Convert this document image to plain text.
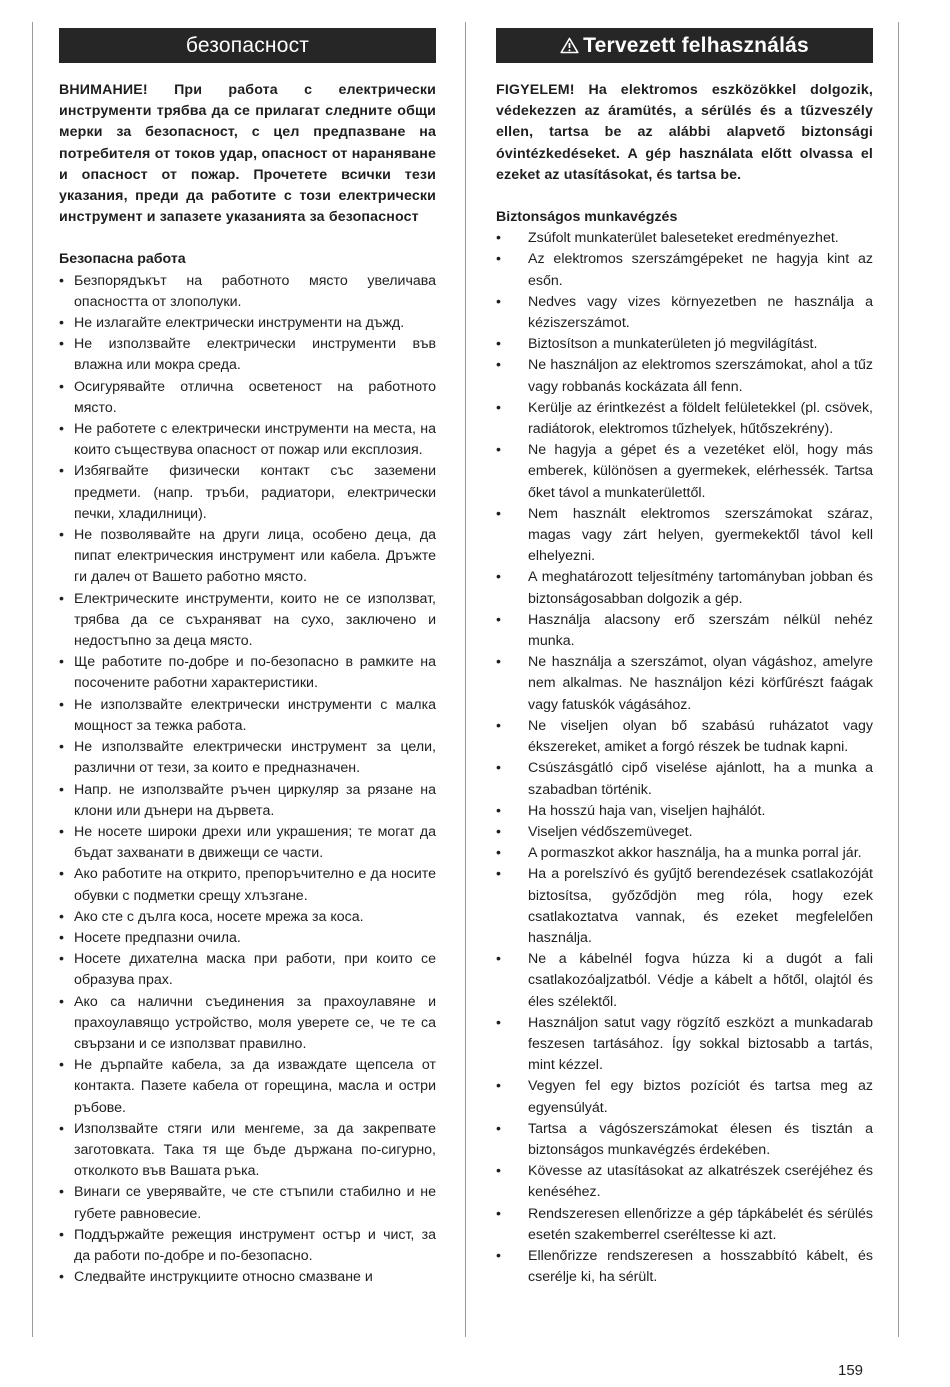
безопасност
ВНИМАНИЕ! При работа с електрически инструменти трябва да се прилагат следните общи мерки за безопасност, с цел предпазване на потребителя от токов удар, опасност от нараняване и опасност от пожар. Прочетете всички тези указания, преди да работите с този електрически инструмент и запазете указанията за безопасност
Безопасна работа
• Безпорядъкът на работното място увеличава опасността от злополуки.
• Не излагайте електрически инструменти на дъжд.
• Не използвайте електрически инструменти във влажна или мокра среда.
• Осигурявайте отлична осветеност на работното място.
• Не работете с електрически инструменти на места, на които съществува опасност от пожар или експлозия.
• Избягвайте физически контакт със заземени предмети. (напр. тръби, радиатори, електрически печки, хладилници).
• Не позволявайте на други лица, особено деца, да пипат електрическия инструмент или кабела. Дръжте ги далеч от Вашето работно място.
• Електрическите инструменти, които не се използват, трябва да се съхраняват на сухо, заключено и недостъпно за деца място.
• Ще работите по-добре и по-безопасно в рамките на посочените работни характеристики.
• Не използвайте електрически инструменти с малка мощност за тежка работа.
• Не използвайте електрически инструмент за цели, различни от тези, за които е предназначен.
• Напр. не използвайте ръчен циркуляр за рязане на клони или дънери на дърветa.
• Не носете широки дрехи или украшения; те могат да бъдат захванати в движещи се части.
• Ако работите на открито, препоръчително е да носите обувки с подметки срещу хлъзгане.
• Ако сте с дълга коса, носете мрежа за коса.
• Носете предпазни очила.
• Носете дихателна маска при работи, при които се образува прах.
• Ако са налични съединения за прахоулавяне и прахоулавящо устройство, моля уверете се, че те са свързани и се използват правилно.
• Не дърпайте кабела, за да изваждате щепсела от контакта. Пазете кабела от горещина, масла и остри ръбове.
• Използвайте стяги или менгеме, за да закрепвате заготовката. Така тя ще бъде държана по-сигурно, отколкото във Вашата ръка.
• Винаги се уверявайте, че сте стъпили стабилно и не губете равновесие.
• Поддържайте режещия инструмент остър и чист, за да работи по-добре и по-безопасно.
• Следвайте инструкциите относно смазване и
Tervezett felhasználás
FIGYELEM! Ha elektromos eszközökkel dolgozik, védekezzen az áramütés, a sérülés és a tűzveszély ellen, tartsa be az alábbi alapvető biztonsági óvintézkedéseket. A gép használata előtt olvassa el ezeket az utasításokat, és tartsa be.
Biztonságos munkavégzés
• Zsúfolt munkaterület baleseteket eredményezhet.
• Az elektromos szerszámgépeket ne hagyja kint az esőn.
• Nedves vagy vizes környezetben ne használja a kéziszerszámot.
• Biztosítson a munkaterületen jó megvilágítást.
• Ne használjon az elektromos szerszámokat, ahol a tűz vagy robbanás kockázata áll fenn.
• Kerülje az érintkezést a földelt felületekkel (pl. csövek, radiátorok, elektromos tűzhelyek, hűtőszekrény).
• Ne hagyja a gépet és a vezetéket elöl, hogy más emberek, különösen a gyermekek, elérhessék. Tartsa őket távol a munkaterülettől.
• Nem használt elektromos szerszámokat száraz, magas vagy zárt helyen, gyermekektől távol kell elhelyezni.
• A meghatározott teljesítmény tartományban jobban és biztonságosabban dolgozik a gép.
• Használja alacsony erő szerszám nélkül nehéz munka.
• Ne használja a szerszámot, olyan vágáshoz, amelyre nem alkalmas. Ne használjon kézi körfűrészt faágak vagy fatuskók vágásához.
• Ne viseljen olyan bő szabású ruházatot vagy ékszereket, amiket a forgó részek be tudnak kapni.
• Csúszásgátló cipő viselése ajánlott, ha a munka a szabadban történik.
• Ha hosszú haja van, viseljen hajhálót.
• Viseljen védőszemüveget.
• A pormaszkot akkor használja, ha a munka porral jár.
• Ha a porelszívó és gyűjtő berendezések csatlakozóját biztosítsa, győződjön meg róla, hogy ezek csatlakoztatva vannak, és ezeket megfelelően használja.
• Ne a kábelnél fogva húzza ki a dugót a fali csatlakozóaljzatból. Védje a kábelt a hőtől, olajtól és éles szélektől.
• Használjon satut vagy rögzítő eszközt a munkadarab feszesen tartásához. Így sokkal biztosabb a tartás, mint kézzel.
• Vegyen fel egy biztos pozíciót és tartsa meg az egyensúlyát.
• Tartsa a vágószerszámokat élesen és tisztán a biztonságos munkavégzés érdekében.
• Kövesse az utasításokat az alkatrészek cseréjéhez és kenéséhez.
• Rendszeresen ellenőrizze a gép tápkábelét és sérülés esetén szakemberrel cseréltesse ki azt.
• Ellenőrizze rendszeresen a hosszabbító kábelt, és cserélje ki, ha sérült.
159
